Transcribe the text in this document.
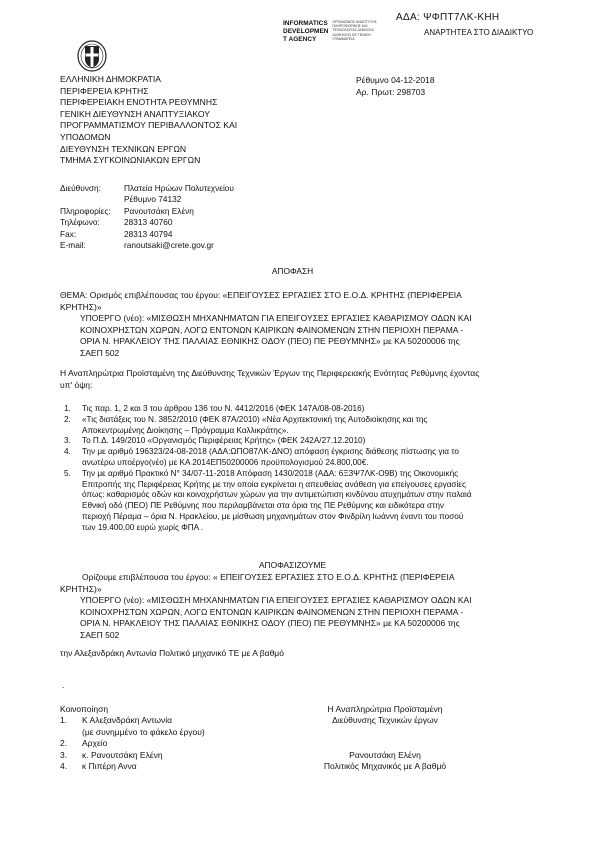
ΑΔΑ: ΨΦΠΤ7ΛΚ-ΚΗΗ
ΑΝΑΡΤΗΤΕΑ ΣΤΟ ΔΙΑΔΙΚΤΥΟ
INFORMATICS
DEVELOPMEN
T AGENCY
ΟΡΓΑΝΙΣΜΟΣ ΑΝΑΠΤΥΞΗΣ ΠΛΗΡΟΦΟΡΙΚΗΣ ΚΑΙ ΤΕΧΝΟΛΟΓΙΑΣ ΔΗΜΟΣΙΑ ΔΙΟΙΚΗΣΗΣ ΕΕ ΓΕΝΙΚΗ ΓΡΑΜΜΑΤΕΙΑ
ΕΛΛΗΝΙΚΗ ΔΗΜΟΚΡΑΤΙΑ
ΠΕΡΙΦΕΡΕΙΑ ΚΡΗΤΗΣ
ΠΕΡΙΦΕΡΕΙΑΚΗ ΕΝΟΤΗΤΑ ΡΕΘΥΜΝΗΣ
ΓΕΝΙΚΗ ΔΙΕΥΘΥΝΣΗ ΑΝΑΠΤΥΞΙΑΚΟΥ
ΠΡΟΓΡΑΜΜΑΤΙΣΜΟΥ ΠΕΡΙΒΑΛΛΟΝΤΟΣ ΚΑΙ
ΥΠΟΔΟΜΩΝ
ΔΙΕΥΘΥΝΣΗ ΤΕΧΝΙΚΩΝ ΕΡΓΩΝ
ΤΜΗΜΑ ΣΥΓΚΟΙΝΩΝΙΑΚΩΝ ΕΡΓΩΝ
Ρέθυμνο 04-12-2018
Αρ. Πρωτ: 298703
Διεύθυνση:	Πλατεία Ηρώων Πολυτεχνείου
	Ρέθυμνο 74132
Πληροφορίες:	Ρανουτσάκη Ελένη
Τηλέφωνο:	28313 40760
Fax:	28313 40794
E-mail:	ranoutsaki@crete.gov.gr
ΑΠΟΦΑΣΗ
ΘΕΜΑ: Ορισμός επιβλέπουσας του έργου: «ΕΠΕΙΓΟΥΣΕΣ ΕΡΓΑΣΙΕΣ ΣΤΟ Ε.Ο.Δ. ΚΡΗΤΗΣ (ΠΕΡΙΦΕΡΕΙΑ
ΚΡΗΤΗΣ)»
ΥΠΟΕΡΓΟ (νέο): «ΜΙΣΘΩΣΗ ΜΗΧΑΝΗΜΑΤΩΝ ΓΙΑ ΕΠΕΙΓΟΥΣΕΣ ΕΡΓΑΣΙΕΣ ΚΑΘΑΡΙΣΜΟΥ ΟΔΩΝ ΚΑΙ
ΚΟΙΝΟΧΡΗΣΤΩΝ ΧΩΡΩΝ, ΛΟΓΩ ΕΝΤΟΝΩΝ ΚΑΙΡΙΚΩΝ ΦΑΙΝΟΜΕΝΩΝ ΣΤΗΝ ΠΕΡΙΟΧΗ ΠΕΡΑΜΑ -
ΟΡΙΑ Ν. ΗΡΑΚΛΕΙΟΥ ΤΗΣ ΠΑΛΑΙΑΣ ΕΘΝΙΚΗΣ ΟΔΟΥ (ΠΕΟ) ΠΕ ΡΕΘΥΜΝΗΣ» με ΚΑ 50200006 της
ΣΑΕΠ 502
Η Αναπληρώτρια Προϊσταμένη της Διεύθυνσης Τεχνικών Έργων της Περιφερειακής Ενότητας Ρεθύμνης έχοντας
υπ' όψη:
1. Τις παρ. 1, 2 και 3 του άρθρου 136 του Ν. 4412/2016 (ΦΕΚ 147Α/08-08-2016)
2. «Τις διατάξεις του Ν. 3852/2010 (ΦΕΚ 87Α/2010) «Νέα Αρχιτεκτονική της Αυτοδιοίκησης και της
Αποκεντρωμένης Διοίκησης – Πρόγραμμα Καλλικράτης».
3. Το Π.Δ. 149/2010 «Οργανισμός Περιφέρειας Κρήτης» (ΦΕΚ 242Α/27.12.2010)
4. Την με αριθμό 196323/24-08-2018 (ΑΔΑ:ΩΠΟ87ΛΚ-ΔΝΟ) απόφαση έγκρισης διάθεσης πίστωσης για το
ανωτέρω υποέργο(νέο) με ΚΑ 2014ΕΠ50200006 προϋπολογισμού 24.800,00€.
5. Την με αριθμό Πρακτικό Ν° 34/07-11-2018 Απόφαση 1430/2018 (ΑΔΑ: 6Ξ3Ψ7ΛΚ-Ο9Β) της Οικονομικής
Επιτροπής της Περιφέρειας Κρήτης με την οποία εγκρίνεται η απευθείας ανάθεση για επείγουσες εργασίες
όπως: καθαρισμός οδών και κοινοχρήστων χώρων για την αντιμετώπιση κινδύνου ατυχημάτων στην παλαιά
Εθνική οδό (ΠΕΟ) ΠΕ Ρεθύμνης που περιλαμβάνεται στα όρια της ΠΕ Ρεθύμνης και ειδικότερα στην
περιοχή Πέραμα – όρια Ν. Ηρακλείου, με μίσθωση μηχανημάτων στον Φινδρίλη Ιωάννη έναντι του ποσού
των 19.400,00 ευρώ χωρίς ΦΠΑ .
ΑΠΟΦΑΣΙΖΟΥΜΕ
Ορίζουμε επιβλέπουσα του έργου: « ΕΠΕΙΓΟΥΣΕΣ ΕΡΓΑΣΙΕΣ ΣΤΟ Ε.Ο.Δ. ΚΡΗΤΗΣ (ΠΕΡΙΦΕΡΕΙΑ
ΚΡΗΤΗΣ)»
ΥΠΟΕΡΓΟ (νέο): «ΜΙΣΘΩΣΗ ΜΗΧΑΝΗΜΑΤΩΝ ΓΙΑ ΕΠΕΙΓΟΥΣΕΣ ΕΡΓΑΣΙΕΣ ΚΑΘΑΡΙΣΜΟΥ ΟΔΩΝ ΚΑΙ
ΚΟΙΝΟΧΡΗΣΤΩΝ ΧΩΡΩΝ, ΛΟΓΩ ΕΝΤΟΝΩΝ ΚΑΙΡΙΚΩΝ ΦΑΙΝΟΜΕΝΩΝ ΣΤΗΝ ΠΕΡΙΟΧΗ ΠΕΡΑΜΑ -
ΟΡΙΑ Ν. ΗΡΑΚΛΕΙΟΥ ΤΗΣ ΠΑΛΑΙΑΣ ΕΘΝΙΚΗΣ ΟΔΟΥ (ΠΕΟ) ΠΕ ΡΕΘΥΜΝΗΣ» με ΚΑ 50200006 της
ΣΑΕΠ 502
την Αλεξανδράκη Αντωνία Πολιτικό μηχανικό ΤΕ με Α βαθμό
.
Κοινοποίηση
1. Κ Αλεξανδράκη Αντωνία
(με συνημμένο το φάκελο έργου)
2. Αρχείο
3. κ. Ρανουτσάκη Ελένη
4. κ Πιπέρη Αννα
Η Αναπληρώτρια Προϊσταμένη
Διεύθυνσης Τεχνικών έργων
Ρανουτσάκη Ελένη
Πολιτικός Μηχανικός με Α βαθμό
